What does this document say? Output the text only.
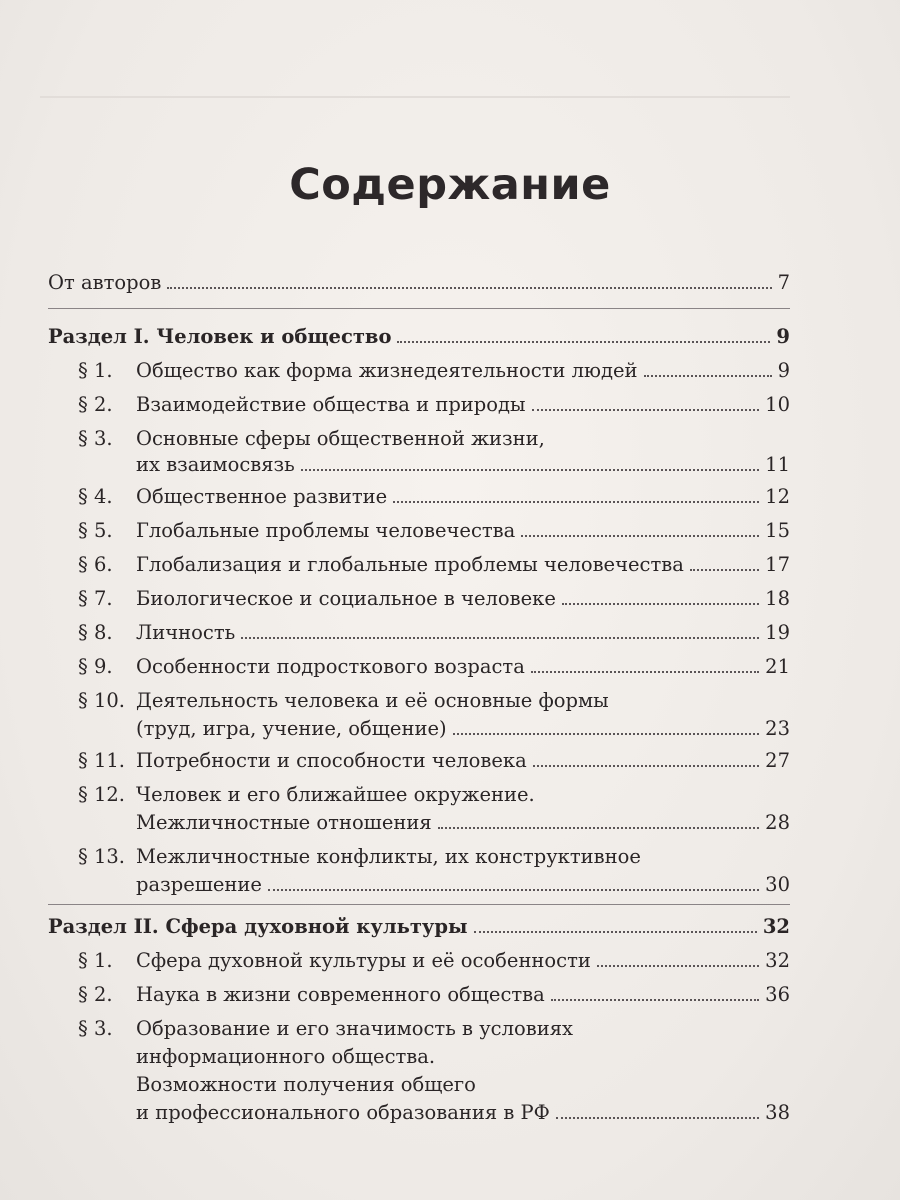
Содержание
От авторов	7
Раздел I. Человек и общество	9
§ 1.	Общество как форма жизнедеятельности людей	9
§ 2.	Взаимодействие общества и природы	10
§ 3.	Основные сферы общественной жизни,
их взаимосвязь	11
§ 4.	Общественное развитие	12
§ 5.	Глобальные проблемы человечества	15
§ 6.	Глобализация и глобальные проблемы человечества	17
§ 7.	Биологическое и социальное в человеке	18
§ 8.	Личность	19
§ 9.	Особенности подросткового возраста	21
§ 10. Деятельность человека и её основные формы
(труд, игра, учение, общение)	23
§ 11. Потребности и способности человека	27
§ 12. Человек и его ближайшее окружение.
Межличностные отношения	28
§ 13. Межличностные конфликты, их конструктивное
разрешение	30
Раздел II. Сфера духовной культуры	32
§ 1.	Сфера духовной культуры и её особенности	32
§ 2.	Наука в жизни современного общества	36
§ 3.	Образование и его значимость в условиях
информационного общества.
Возможности получения общего
и профессионального образования в РФ	38
